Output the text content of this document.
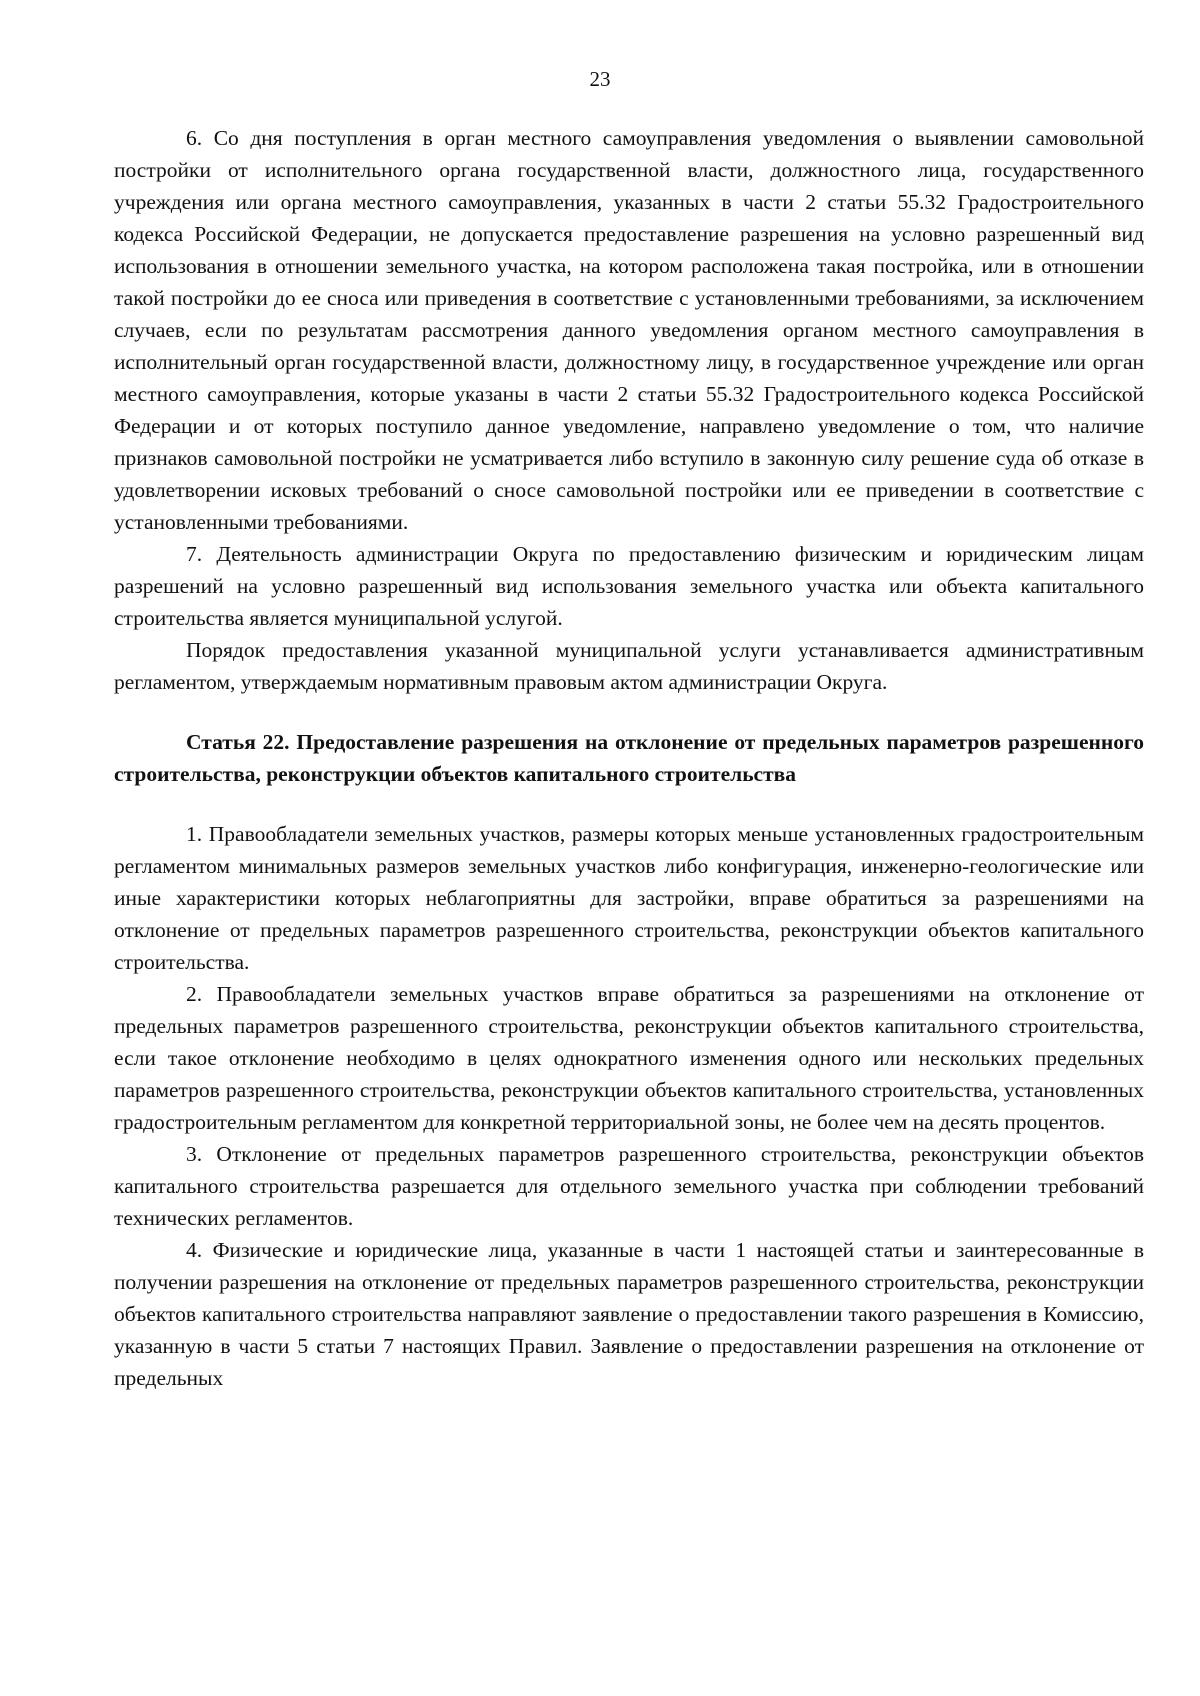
23

6. Со дня поступления в орган местного самоуправления уведомления о выявлении самовольной постройки от исполнительного органа государственной власти, должностного лица, государственного учреждения или органа местного самоуправления, указанных в части 2 статьи 55.32 Градостроительного кодекса Российской Федерации, не допускается предоставление разрешения на условно разрешенный вид использования в отношении земельного участка, на котором расположена такая постройка, или в отношении такой постройки до ее сноса или приведения в соответствие с установленными требованиями, за исключением случаев, если по результатам рассмотрения данного уведомления органом местного самоуправления в исполнительный орган государственной власти, должностному лицу, в государственное учреждение или орган местного самоуправления, которые указаны в части 2 статьи 55.32 Градостроительного кодекса Российской Федерации и от которых поступило данное уведомление, направлено уведомление о том, что наличие признаков самовольной постройки не усматривается либо вступило в законную силу решение суда об отказе в удовлетворении исковых требований о сносе самовольной постройки или ее приведении в соответствие с установленными требованиями.

7. Деятельность администрации Округа по предоставлению физическим и юридическим лицам разрешений на условно разрешенный вид использования земельного участка или объекта капитального строительства является муниципальной услугой.

Порядок предоставления указанной муниципальной услуги устанавливается административным регламентом, утверждаемым нормативным правовым актом администрации Округа.

Статья 22. Предоставление разрешения на отклонение от предельных параметров разрешенного строительства, реконструкции объектов капитального строительства

1. Правообладатели земельных участков, размеры которых меньше установленных градостроительным регламентом минимальных размеров земельных участков либо конфигурация, инженерно-геологические или иные характеристики которых неблагоприятны для застройки, вправе обратиться за разрешениями на отклонение от предельных параметров разрешенного строительства, реконструкции объектов капитального строительства.

2. Правообладатели земельных участков вправе обратиться за разрешениями на отклонение от предельных параметров разрешенного строительства, реконструкции объектов капитального строительства, если такое отклонение необходимо в целях однократного изменения одного или нескольких предельных параметров разрешенного строительства, реконструкции объектов капитального строительства, установленных градостроительным регламентом для конкретной территориальной зоны, не более чем на десять процентов.

3. Отклонение от предельных параметров разрешенного строительства, реконструкции объектов капитального строительства разрешается для отдельного земельного участка при соблюдении требований технических регламентов.

4. Физические и юридические лица, указанные в части 1 настоящей статьи и заинтересованные в получении разрешения на отклонение от предельных параметров разрешенного строительства, реконструкции объектов капитального строительства направляют заявление о предоставлении такого разрешения в Комиссию, указанную в части 5 статьи 7 настоящих Правил. Заявление о предоставлении разрешения на отклонение от предельных
